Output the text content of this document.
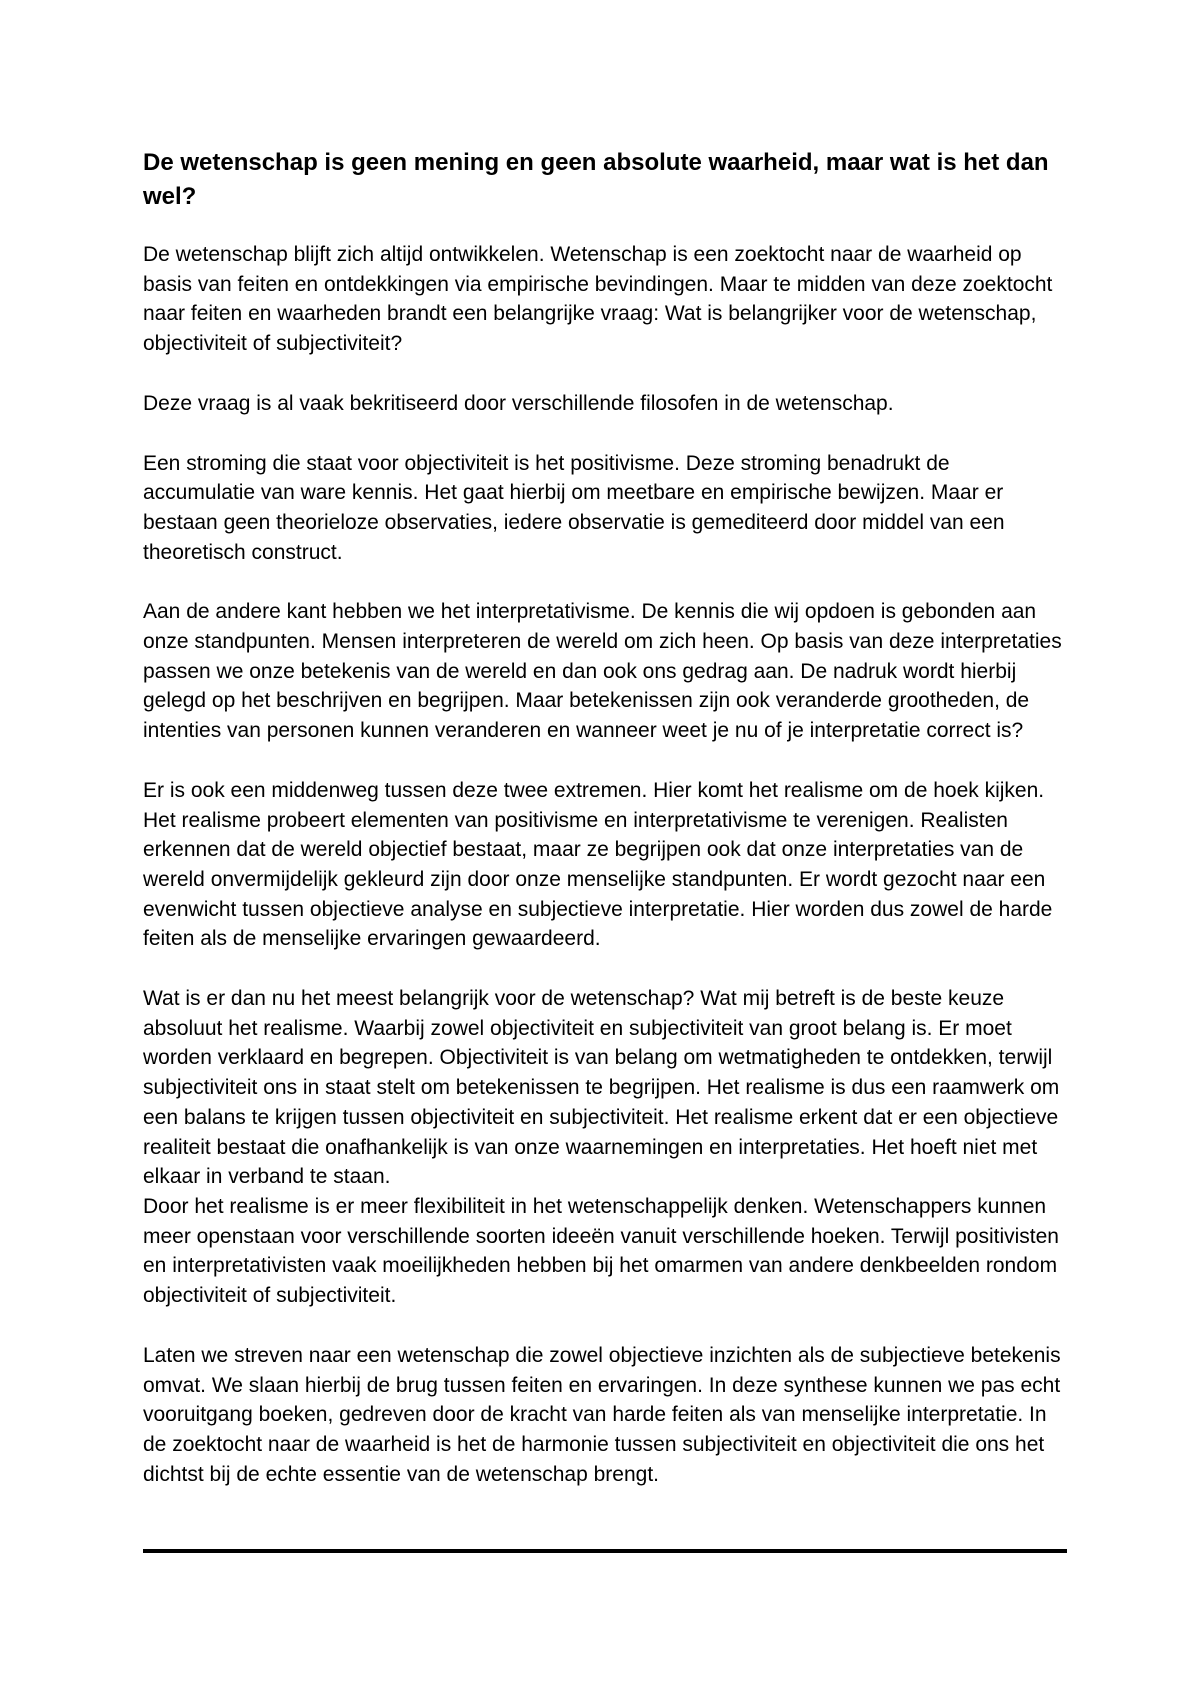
De wetenschap is geen mening en geen absolute waarheid, maar wat is het dan wel?

De wetenschap blijft zich altijd ontwikkelen. Wetenschap is een zoektocht naar de waarheid op basis van feiten en ontdekkingen via empirische bevindingen. Maar te midden van deze zoektocht naar feiten en waarheden brandt een belangrijke vraag: Wat is belangrijker voor de wetenschap, objectiviteit of subjectiviteit?

Deze vraag is al vaak bekritiseerd door verschillende filosofen in de wetenschap.

Een stroming die staat voor objectiviteit is het positivisme. Deze stroming benadrukt de accumulatie van ware kennis. Het gaat hierbij om meetbare en empirische bewijzen. Maar er bestaan geen theorieloze observaties, iedere observatie is gemediteerd door middel van een theoretisch construct.

Aan de andere kant hebben we het interpretativisme. De kennis die wij opdoen is gebonden aan onze standpunten. Mensen interpreteren de wereld om zich heen. Op basis van deze interpretaties passen we onze betekenis van de wereld en dan ook ons gedrag aan. De nadruk wordt hierbij gelegd op het beschrijven en begrijpen. Maar betekenissen zijn ook veranderde grootheden, de intenties van personen kunnen veranderen en wanneer weet je nu of je interpretatie correct is?

Er is ook een middenweg tussen deze twee extremen. Hier komt het realisme om de hoek kijken. Het realisme probeert elementen van positivisme en interpretativisme te verenigen. Realisten erkennen dat de wereld objectief bestaat, maar ze begrijpen ook dat onze interpretaties van de wereld onvermijdelijk gekleurd zijn door onze menselijke standpunten. Er wordt gezocht naar een evenwicht tussen objectieve analyse en subjectieve interpretatie. Hier worden dus zowel de harde feiten als de menselijke ervaringen gewaardeerd.

Wat is er dan nu het meest belangrijk voor de wetenschap? Wat mij betreft is de beste keuze absoluut het realisme. Waarbij zowel objectiviteit en subjectiviteit van groot belang is. Er moet worden verklaard en begrepen. Objectiviteit is van belang om wetmatigheden te ontdekken, terwijl subjectiviteit ons in staat stelt om betekenissen te begrijpen. Het realisme is dus een raamwerk om een balans te krijgen tussen objectiviteit en subjectiviteit. Het realisme erkent dat er een objectieve realiteit bestaat die onafhankelijk is van onze waarnemingen en interpretaties. Het hoeft niet met elkaar in verband te staan.

Door het realisme is er meer flexibiliteit in het wetenschappelijk denken. Wetenschappers kunnen meer openstaan voor verschillende soorten ideeën vanuit verschillende hoeken. Terwijl positivisten en interpretativisten vaak moeilijkheden hebben bij het omarmen van andere denkbeelden rondom objectiviteit of subjectiviteit.

Laten we streven naar een wetenschap die zowel objectieve inzichten als de subjectieve betekenis omvat. We slaan hierbij de brug tussen feiten en ervaringen. In deze synthese kunnen we pas echt vooruitgang boeken, gedreven door de kracht van harde feiten als van menselijke interpretatie. In de zoektocht naar de waarheid is het de harmonie tussen subjectiviteit en objectiviteit die ons het dichtst bij de echte essentie van de wetenschap brengt.
